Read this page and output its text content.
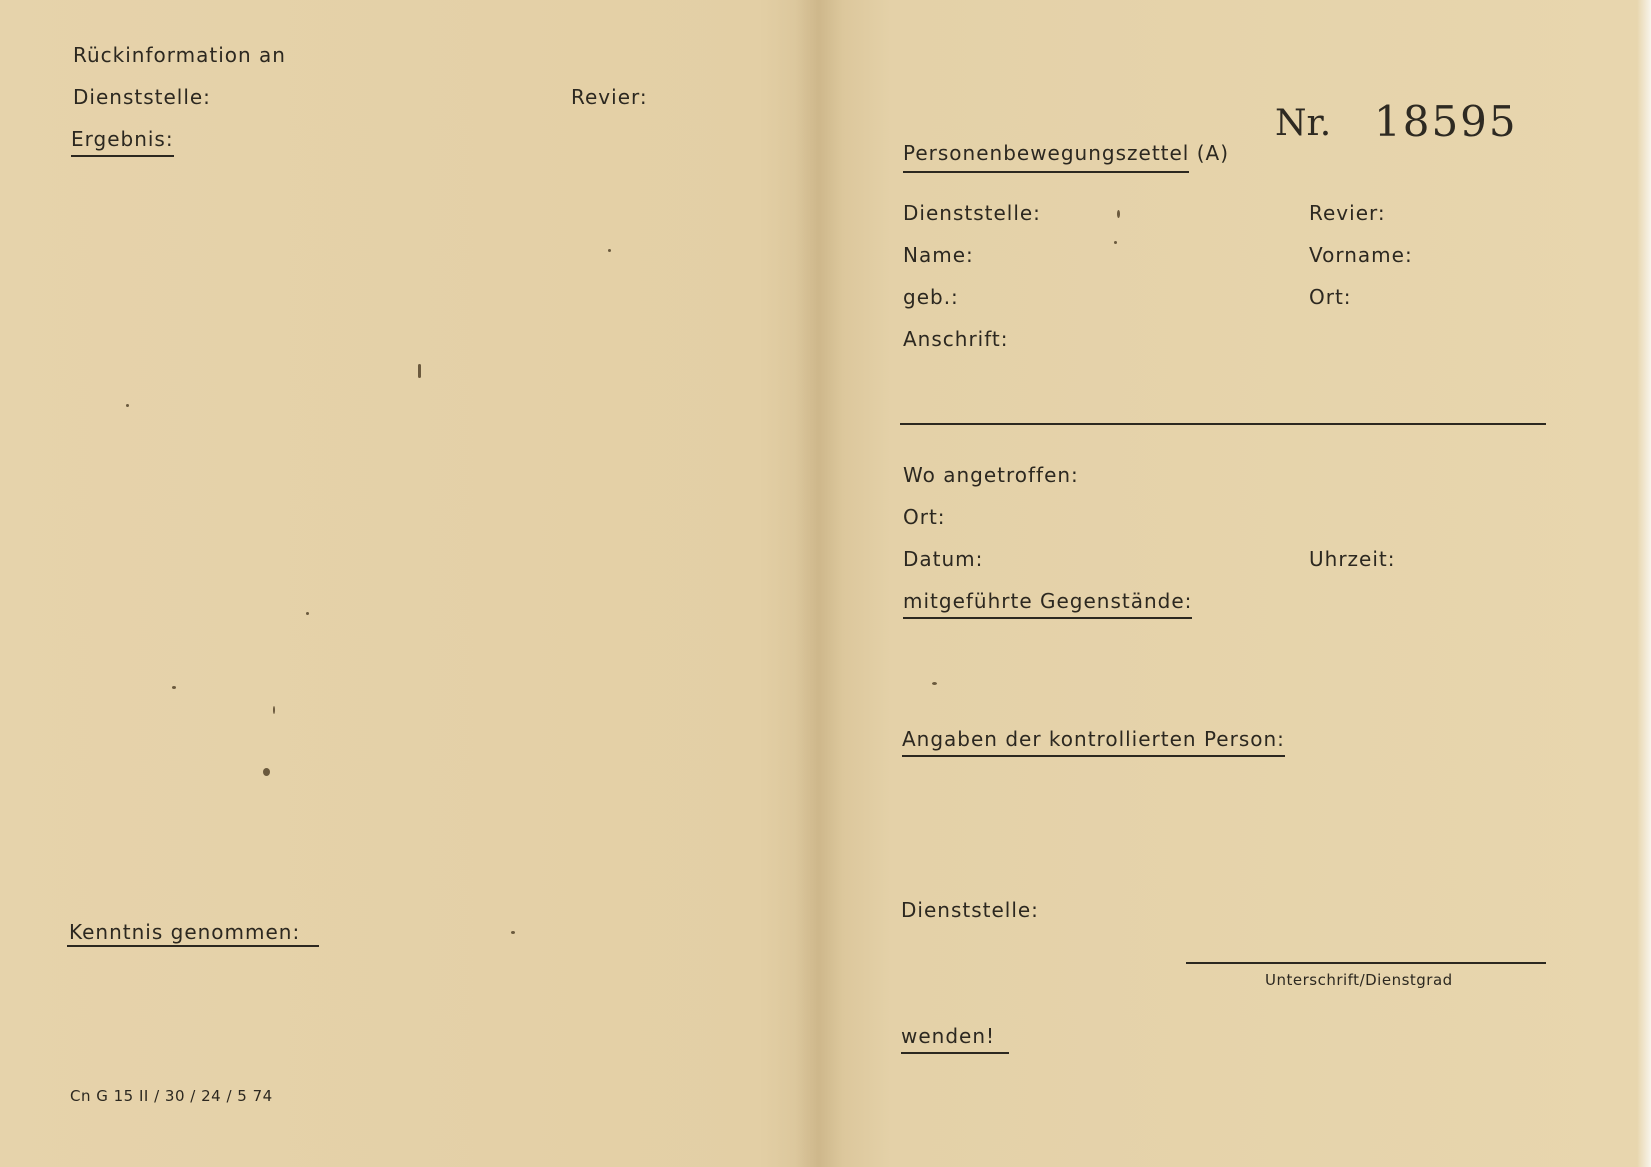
Rückinformation an
Dienststelle:	Revier:
Ergebnis:
Kenntnis genommen:
Cn G 15 II / 30 / 24 / 5 74
Nr. 18595
Personenbewegungszettel (A)
Dienststelle:	Revier:
Name:	Vorname:
geb.:	Ort:
Anschrift:
Wo angetroffen:
Ort:
Datum:	Uhrzeit:
mitgeführte Gegenstände:
Angaben der kontrollierten Person:
Dienststelle:
Unterschrift/Dienstgrad
wenden!
